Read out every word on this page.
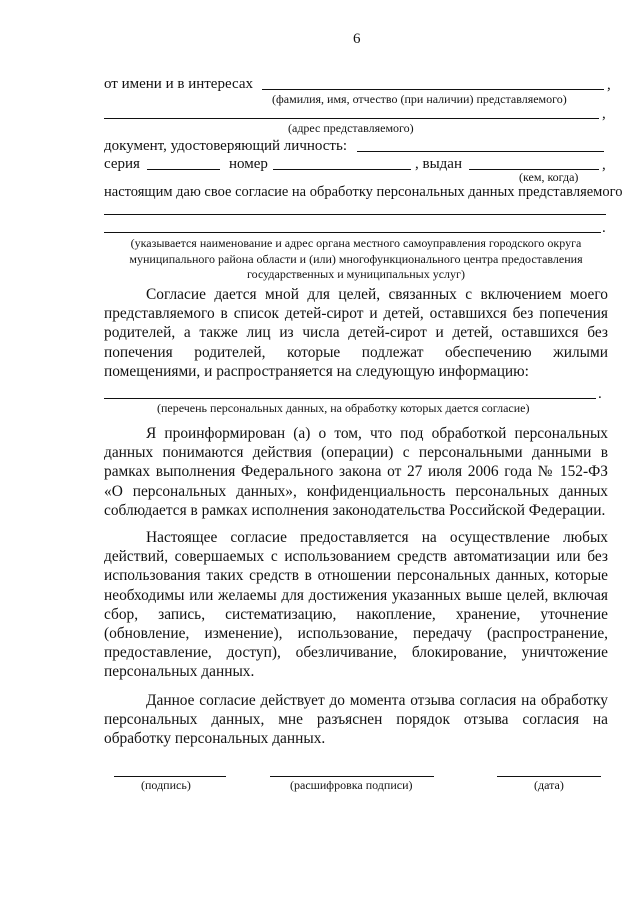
6
от имени и в интересах	,
(фамилия, имя, отчество (при наличии) представляемого)
,
(адрес представляемого)
документ, удостоверяющий личность:
серия	номер	, выдан	,
(кем, когда)
настоящим даю свое согласие на обработку персональных данных представляемого
.
(указывается наименование и адрес органа местного самоуправления городского округа муниципального района области и (или) многофункционального центра предоставления государственных и муниципальных услуг)
Согласие дается мной для целей, связанных с включением моего представляемого в список детей-сирот и детей, оставшихся без попечения родителей, а также лиц из числа детей-сирот и детей, оставшихся без попечения родителей, которые подлежат обеспечению жилыми помещениями, и распространяется на следующую информацию:
.
(перечень персональных данных, на обработку которых дается согласие)
Я проинформирован (а) о том, что под обработкой персональных данных понимаются действия (операции) с персональными данными в рамках выполнения Федерального закона от 27 июля 2006 года № 152-ФЗ «О персональных данных», конфиденциальность персональных данных соблюдается в рамках исполнения законодательства Российской Федерации.
Настоящее согласие предоставляется на осуществление любых действий, совершаемых с использованием средств автоматизации или без использования таких средств в отношении персональных данных, которые необходимы или желаемы для достижения указанных выше целей, включая сбор, запись, систематизацию, накопление, хранение, уточнение (обновление, изменение), использование, передачу (распространение, предоставление, доступ), обезличивание, блокирование, уничтожение персональных данных.
Данное согласие действует до момента отзыва согласия на обработку персональных данных, мне разъяснен порядок отзыва согласия на обработку персональных данных.
(подпись)	(расшифровка подписи)	(дата)
